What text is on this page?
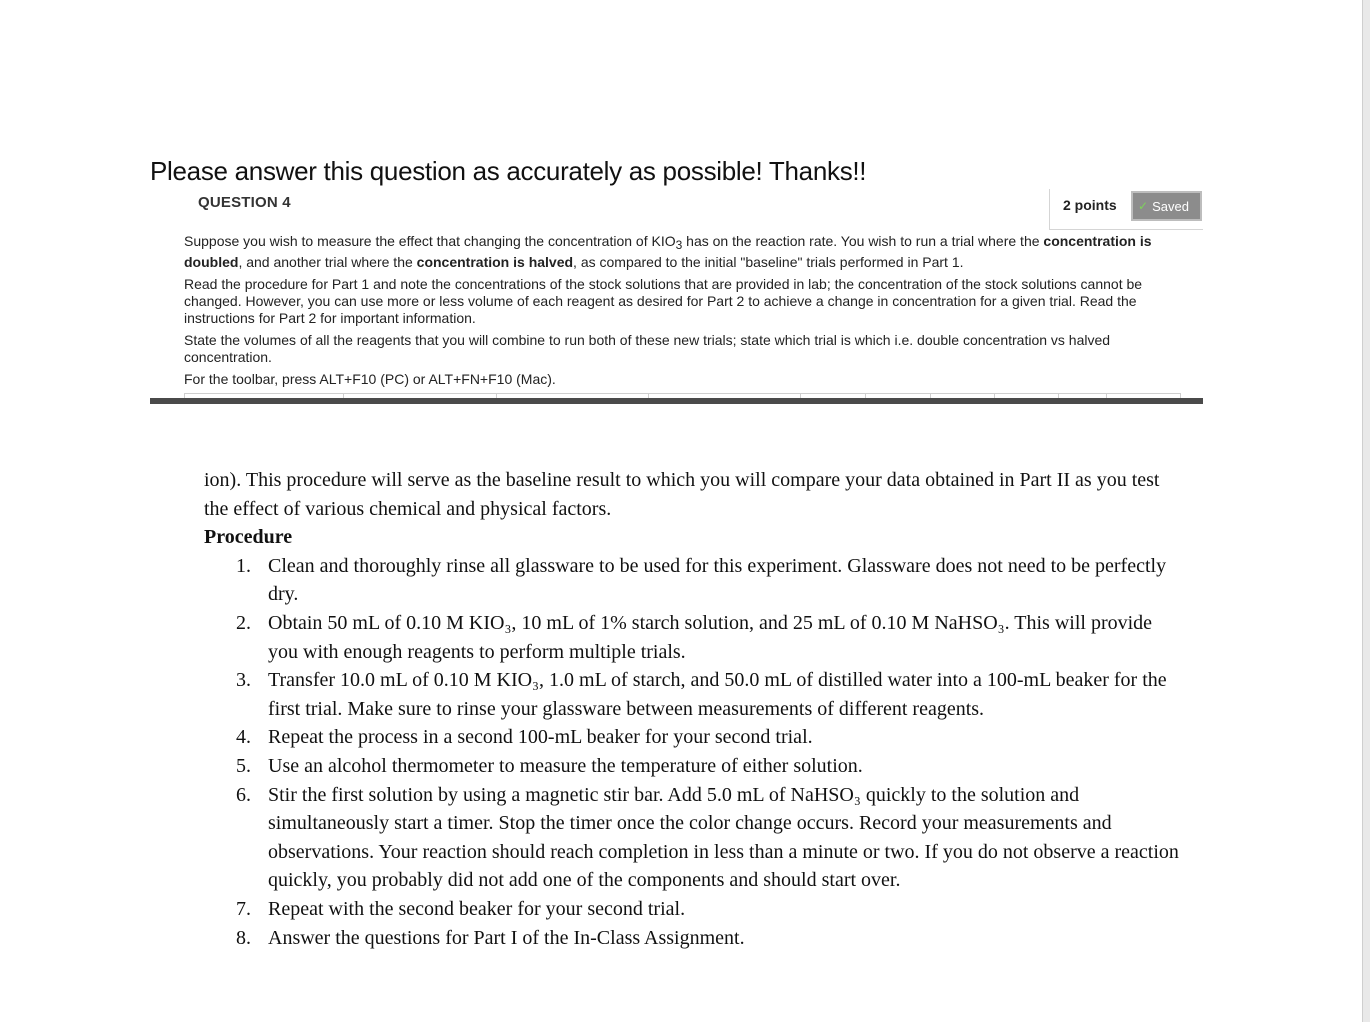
Please answer this question as accurately as possible! Thanks!!
QUESTION 4	2 points ✓ Saved

Suppose you wish to measure the effect that changing the concentration of $KIO_3$ has on the reaction rate. You wish to run a trial where the concentration is doubled, and another trial where the concentration is halved, as compared to the initial "baseline" trials performed in Part 1.

Read the procedure for Part 1 and note the concentrations of the stock solutions that are provided in lab; the concentration of the stock solutions cannot be changed. However, you can use more or less volume of each reagent as desired for Part 2 to achieve a change in concentration for a given trial. Read the instructions for Part 2 for important information.

State the volumes of all the reagents that you will combine to run both of these new trials; state which trial is which i.e. double concentration vs halved concentration.

For the toolbar, press ALT+F10 (PC) or ALT+FN+F10 (Mac).

ion). This procedure will serve as the baseline result to which you will compare your data obtained in Part II as you test the effect of various chemical and physical factors.

Procedure

1. Clean and thoroughly rinse all glassware to be used for this experiment. Glassware does not need to be perfectly dry.
2. Obtain 50 mL of 0.10 M KIO₃, 10 mL of 1% starch solution, and 25 mL of 0.10 M NaHSO₃. This will provide you with enough reagents to perform multiple trials.
3. Transfer 10.0 mL of 0.10 M KIO₃, 1.0 mL of starch, and 50.0 mL of distilled water into a 100-mL beaker for the first trial. Make sure to rinse your glassware between measurements of different reagents.
4. Repeat the process in a second 100-mL beaker for your second trial.
5. Use an alcohol thermometer to measure the temperature of either solution.
6. Stir the first solution by using a magnetic stir bar. Add 5.0 mL of NaHSO₃ quickly to the solution and simultaneously start a timer. Stop the timer once the color change occurs. Record your measurements and observations. Your reaction should reach completion in less than a minute or two. If you do not observe a reaction quickly, you probably did not add one of the components and should start over.
7. Repeat with the second beaker for your second trial.
8. Answer the questions for Part I of the In-Class Assignment.
